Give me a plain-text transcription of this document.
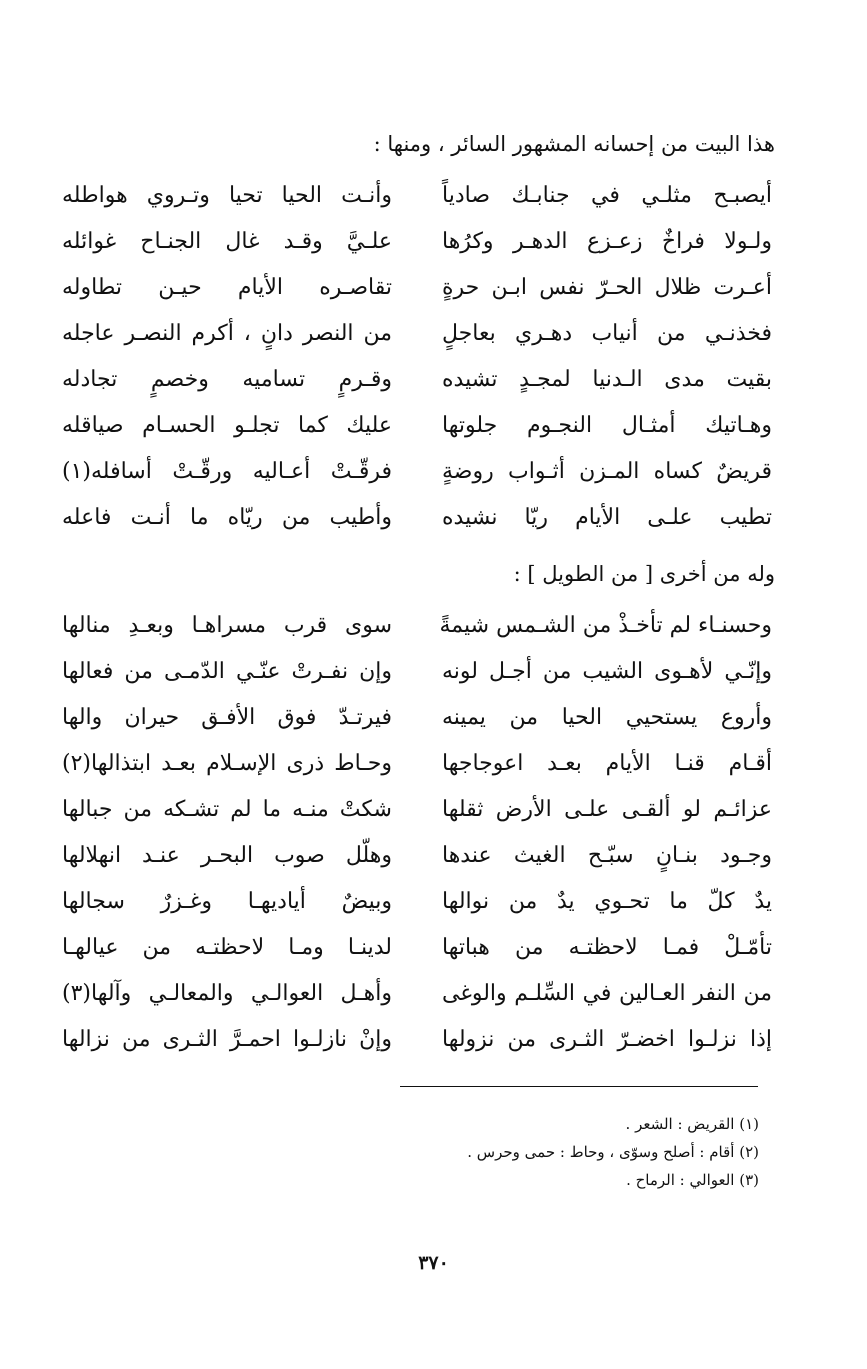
هذا البيت من إحسانه المشهور السائر ، ومنها :
أيصبـح مثلـي في جنابـك صادياً
وأنـت الحيا تحيا وتـروي هواطله
ولـولا فراخٌ زعـزع الدهـر وكرُها
علـيَّ وقـد غال الجنـاح غوائله
أعـرت ظلال الحـرّ نفس ابـن حرةٍ
تقاصـره الأيام حيـن تطاوله
فخذنـي من أنياب دهـري بعاجلٍ
من النصر دانٍ ، أكرم النصـر عاجله
بقيت مدى الـدنيا لمجـدٍ تشيده
وقـرمٍ تساميه وخصمٍ تجادله
وهـاتيك أمثـال النجـوم جلوتها
عليك كما تجلـو الحسـام صياقله
قريضٌ كساه المـزن أثـواب روضةٍ
فرقّـتْ أعـاليه ورقّـتْ أسافله(١)
تطيب علـى الأيام ريّا نشيده
وأطيب من ريّاه ما أنـت فاعله
وله من أخرى [ من الطويل ] :
وحسنـاء لم تأخـذْ من الشـمس شيمةً
سوى قرب مسراهـا وبعـدِ منالها
وإنّـي لأهـوى الشيب من أجـل لونه
وإن نفـرتْ عنّـي الدّمـى من فعالها
وأروع يستحيي الحيا من يمينه
فيرتـدّ فوق الأفـق حيران والها
أقـام قنـا الأيام بعـد اعوجاجها
وحـاط ذرى الإسـلام بعـد ابتذالها(٢)
عزائـم لو ألقـى علـى الأرض ثقلها
شكتْ منـه ما لم تشـكه من جبالها
وجـود بنـانٍ سبّـح الغيث عندها
وهلّل صوب البحـر عنـد انهلالها
يدٌ كلّ ما تحـوي يدٌ من نوالها
وبيضٌ أياديهـا وغـزرٌ سجالها
تأمّـلْ فمـا لاحظتـه من هباتها
لدينـا ومـا لاحظتـه من عيالهـا
من النفر العـالين في السِّلـم والوغى
وأهـل العوالـي والمعالـي وآلها(٣)
إذا نزلـوا اخضـرّ الثـرى من نزولها
وإنْ نازلـوا احمـرَّ الثـرى من نزالها
(١) القريض : الشعر .
(٢) أقام : أصلح وسوّى ، وحاط : حمى وحرس .
(٣) العوالي : الرماح .
٣٧٠
